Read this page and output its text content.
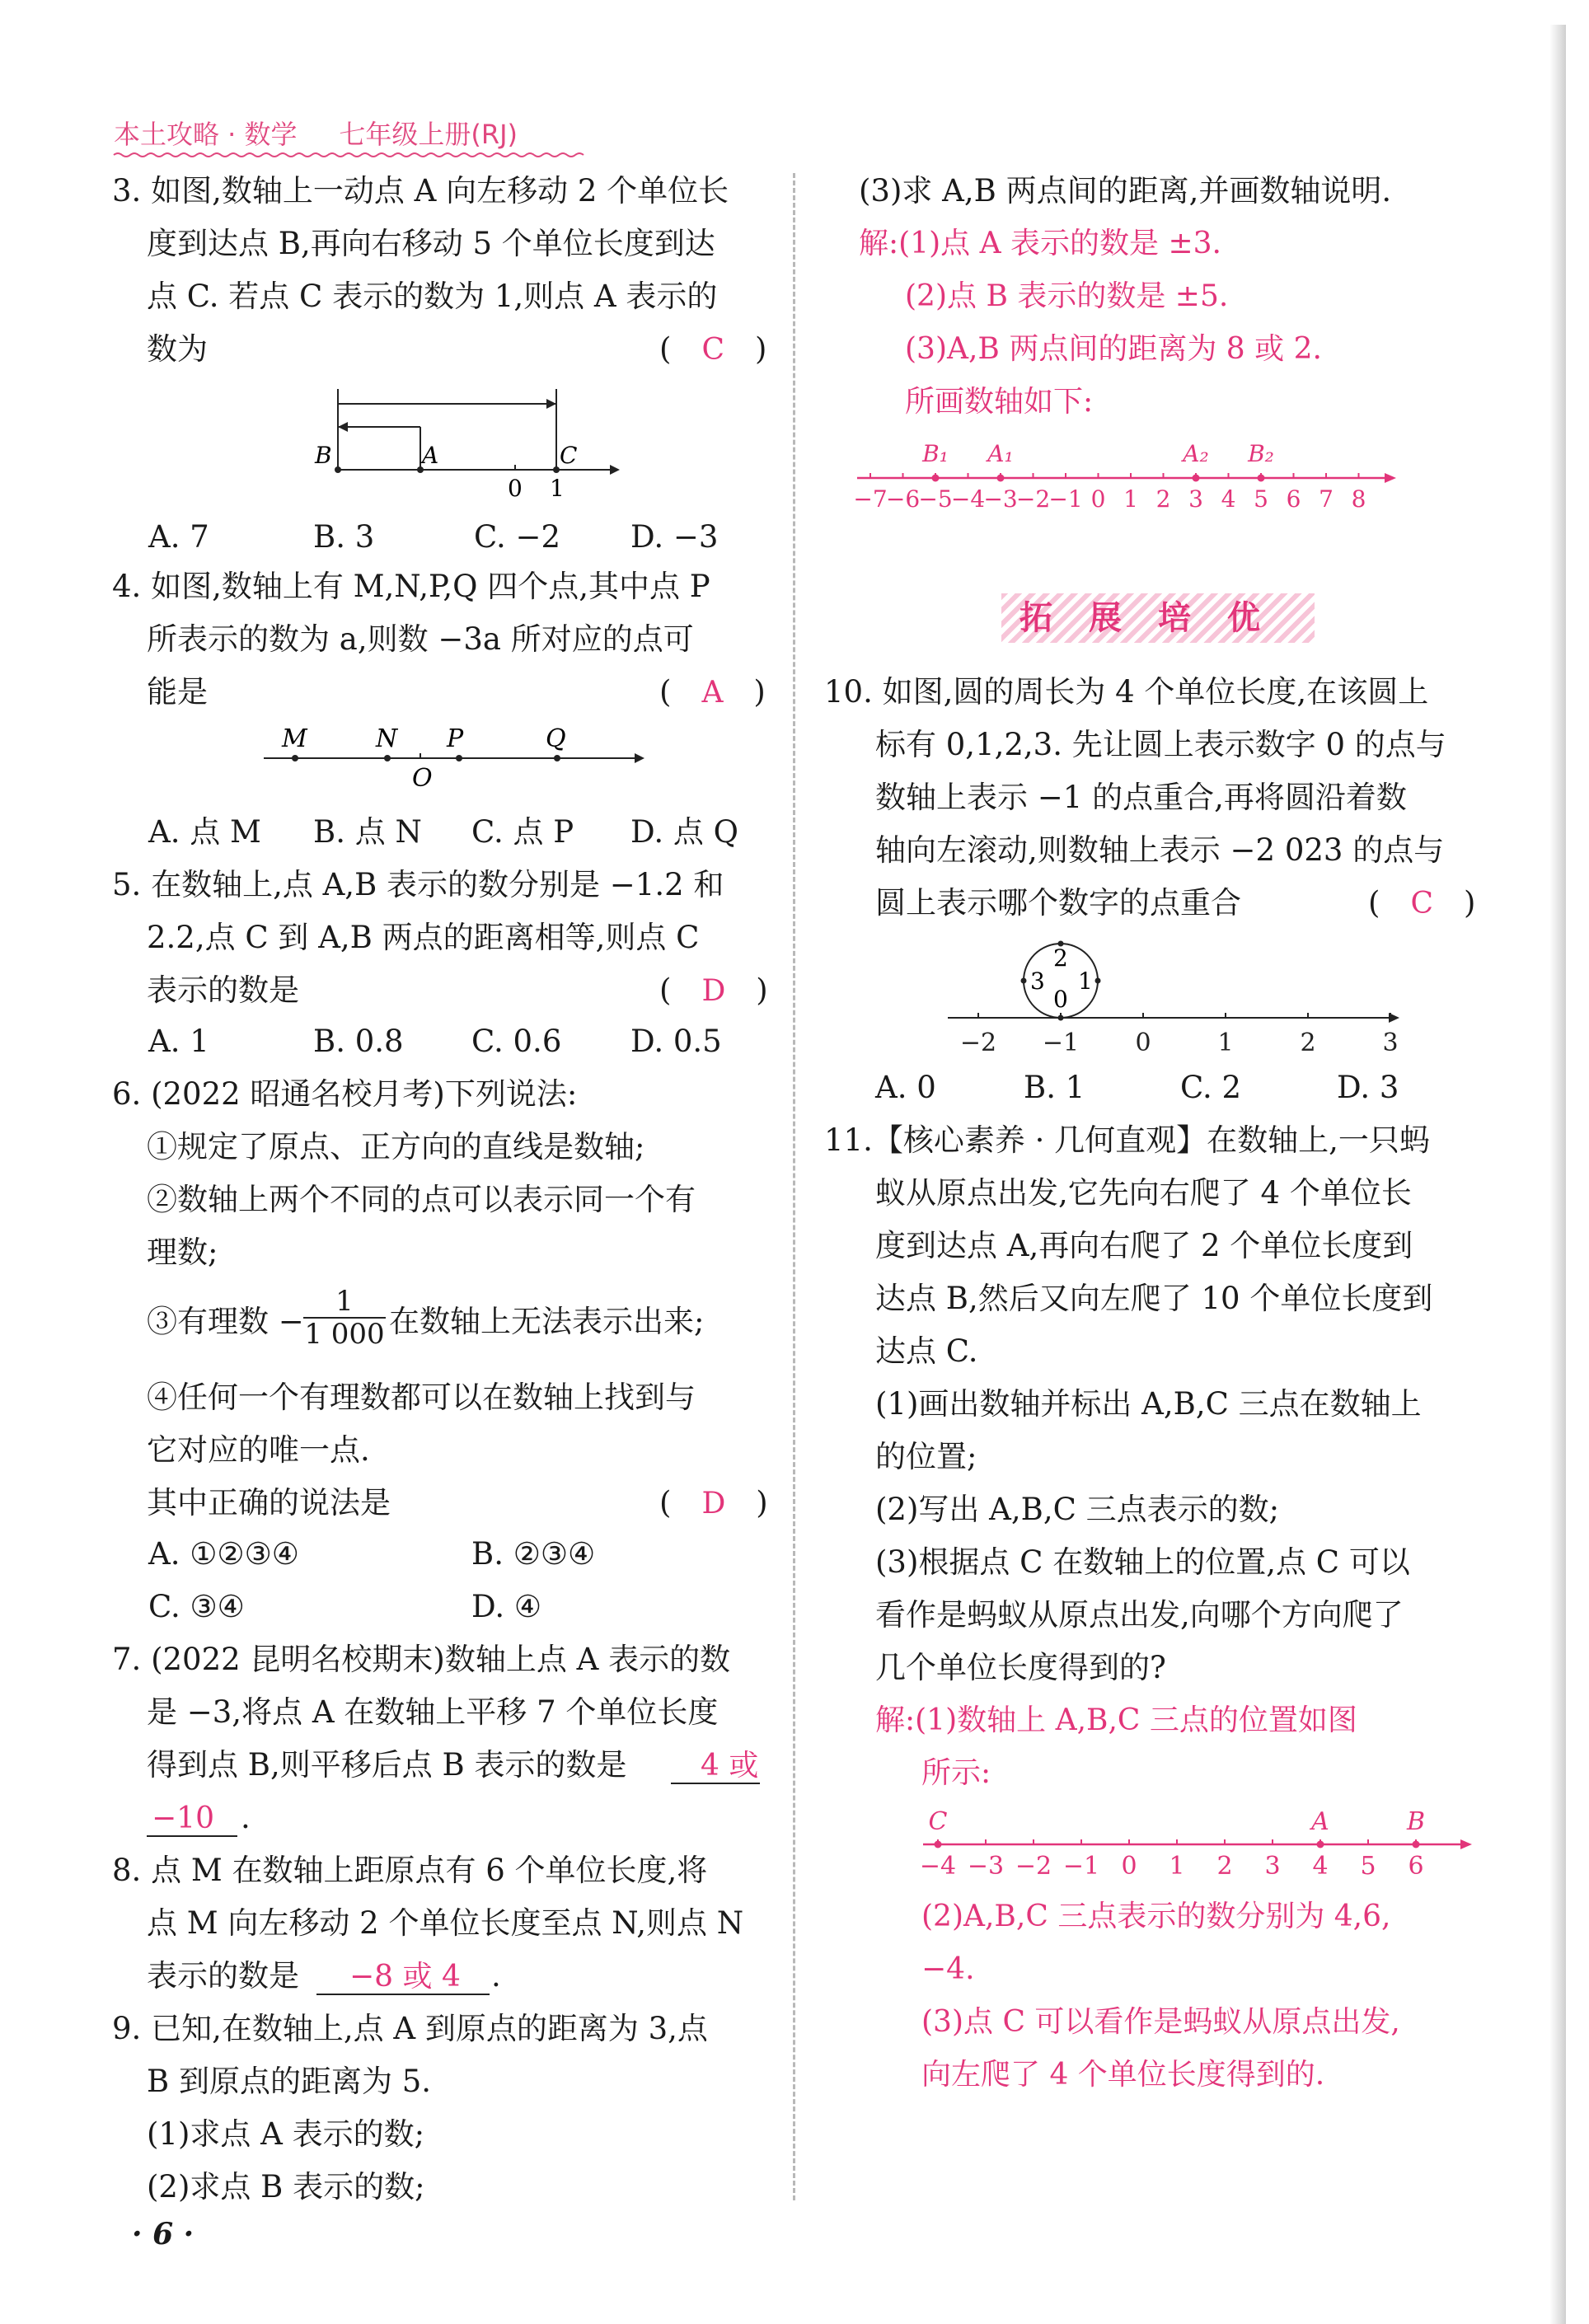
本土攻略 · 数学     七年级上册(RJ)
3. 如图,数轴上一动点 A 向左移动 2 个单位长
度到达点 B,再向右移动 5 个单位长度到达
点 C. 若点 C 表示的数为 1,则点 A 表示的
数为	(　C　)
B	A	C
0 1
A. 7	B. 3	C. −2 D. −3
4. 如图,数轴上有 M,N,P,Q 四个点,其中点 P
所表示的数为 a,则数 −3a 所对应的点可
能是	(　A　)
M	N P	Q
O
A. 点 M B. 点 N C. 点 P D. 点 Q
5. 在数轴上,点 A,B 表示的数分别是 −1.2 和
2.2,点 C 到 A,B 两点的距离相等,则点 C
表示的数是	(　D　)
A. 1	B. 0.8 C. 0.6 D. 0.5
6. (2022 昭通名校月考)下列说法:
①规定了原点、正方向的直线是数轴;
②数轴上两个不同的点可以表示同一个有
理数;
③有理数 − $\frac{1}{1 000}$ 在数轴上无法表示出来;
④任何一个有理数都可以在数轴上找到与
它对应的唯一点.
其中正确的说法是	(　D　)
A. ①②③④	B. ②③④
C. ③④	D. ④
7. (2022 昆明名校期末)数轴上点 A 表示的数
是 −3,将点 A 在数轴上平移 7 个单位长度
得到点 B,则平移后点 B 表示的数是	4 或
−10 .
8. 点 M 在数轴上距原点有 6 个单位长度,将
点 M 向左移动 2 个单位长度至点 N,则点 N
表示的数是	−8 或 4	.
9. 已知,在数轴上,点 A 到原点的距离为 3,点
B 到原点的距离为 5.
(1)求点 A 表示的数;
(2)求点 B 表示的数;
· 6 ·
(3)求 A,B 两点间的距离,并画数轴说明.
解:(1)点 A 表示的数是 ±3.
(2)点 B 表示的数是 ±5.
(3)A,B 两点间的距离为 8 或 2.
所画数轴如下:
−7
−6
−5
−4
−3
−2
−1 0 1 2 3 4 5 6 7 8
B₁ A₁	A₂ B₂
拓展培优
10. 如图,圆的周长为 4 个单位长度,在该圆上
标有 0,1,2,3. 先让圆上表示数字 0 的点与
数轴上表示 −1 的点重合,再将圆沿着数
轴向左滚动,则数轴上表示 −2 023 的点与
圆上表示哪个数字的点重合	(　C　)
2
3 1
0
−2 −1 0	1	2	3
A. 0	B. 1	C. 2	D. 3
11.【核心素养 · 几何直观】在数轴上,一只蚂
蚁从原点出发,它先向右爬了 4 个单位长
度到达点 A,再向右爬了 2 个单位长度到
达点 B,然后又向左爬了 10 个单位长度到
达点 C.
(1)画出数轴并标出 A,B,C 三点在数轴上
的位置;
(2)写出 A,B,C 三点表示的数;
(3)根据点 C 在数轴上的位置,点 C 可以
看作是蚂蚁从原点出发,向哪个方向爬了
几个单位长度得到的?
解:(1)数轴上 A,B,C 三点的位置如图
所示:
−4 −3 −2 −1 0 1 2 3 4 5 6
C	A	B
(2)A,B,C 三点表示的数分别为 4,6,
−4.
(3)点 C 可以看作是蚂蚁从原点出发,
向左爬了 4 个单位长度得到的.
